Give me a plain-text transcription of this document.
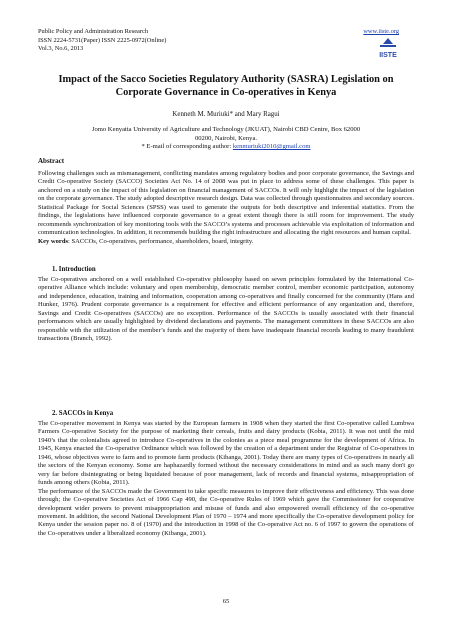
Public Policy and Administration Research
ISSN 2224-5731(Paper) ISSN 2225-0972(Online)
Vol.3, No.6, 2013
www.iiste.org
IISTE
Impact of the Sacco Societies Regulatory Authority (SASRA) Legislation on Corporate Governance in Co-operatives in Kenya
Kenneth M. Muriuki* and Mary Ragui
Jomo Kenyatta University of Agriculture and Technology (JKUAT), Nairobi CBD Centre, Box 62000
00200, Nairobi, Kenya.
* E-mail of corresponding author: kenmuriuki2010@gmail.com
Abstract

Following challenges such as mismanagement, conflicting mandates among regulatory bodies and poor corporate governance, the Savings and Credit Co-operative Society (SACCO) Societies Act No. 14 of 2008 was put in place to address some of these challenges. This paper is anchored on a study on the impact of this legislation on financial management of SACCOs. It will only highlight the impact of the legislation on the corporate governance. The study adopted descriptive research design. Data was collected through questionnaires and secondary sources. Statistical Package for Social Sciences (SPSS) was used to generate the outputs for both descriptive and inferential statistics. From the findings, the legislations have influenced corporate governance to a great extent though there is still room for improvement. The study recommends synchronization of key monitoring tools with the SACCO’s systems and processes achievable via exploitation of information and communication technologies. In addition, it recommends building the right infrastructure and allocating the right resources and human capital.

Key words: SACCOs, Co-operatives, performance, shareholders, board, integrity.

1. Introduction

The Co-operatives anchored on a well established Co-operative philosophy based on seven principles formulated by the International Co-operative Alliance which include: voluntary and open membership, democratic member control, member economic participation, autonomy and independence, education, training and information, cooperation among co-operatives and finally concerned for the community (Hans and Hunker, 1976). Prudent corporate governance is a requirement for effective and efficient performance of any organization and, therefore, Savings and Credit Co-operatives (SACCOs) are no exception. Performance of the SACCOs is usually associated with their financial performances which are usually highlighted by dividend declarations and payments. The management committees in these SACCOs are also responsible with the utilization of the member’s funds and the majority of them have inadequate financial records leading to many fraudulent transactions (Branch, 1992).

2. SACCOs in Kenya

The Co-operative movement in Kenya was started by the European farmers in 1908 when they started the first Co-operative called Lumbwa Farmers Co-operative Society for the purpose of marketing their cereals, fruits and dairy products (Kobia, 2011). It was not until the mid 1940’s that the colonialists agreed to introduce Co-operatives in the colonies as a piece meal programme for the development of Africa. In 1945, Kenya enacted the Co-operative Ordinance which was followed by the creation of a department under the Registrar of Co-operatives in 1946, whose objectives were to farm and to promote farm products (Kibanga, 2001). Today there are many types of Co-operatives in nearly all the sectors of the Kenyan economy. Some are haphazardly formed without the necessary considerations in mind and as such many don't go very far before disintegrating or being liquidated because of poor management, lack of records and financial systems, misappropriation of funds among others (Kobia, 2011).

The performance of the SACCOs made the Government to take specific measures to improve their effectiveness and efficiency. This was done through; the Co-operative Societies Act of 1966 Cap 490, the Co-operative Rules of 1969 which gave the Commissioner for cooperative development wider powers to prevent misappropriation and misuse of funds and also empowered overall efficiency of the co-operative movement. In addition, the second National Development Plan of 1970 – 1974 and more specifically the Co-operative development policy for Kenya under the session paper no. 8 of (1970) and the introduction in 1998 of the Co-operative Act no. 6 of 1997 to govern the operations of the Co-operatives under a liberalized economy (Kibanga, 2001).

65
